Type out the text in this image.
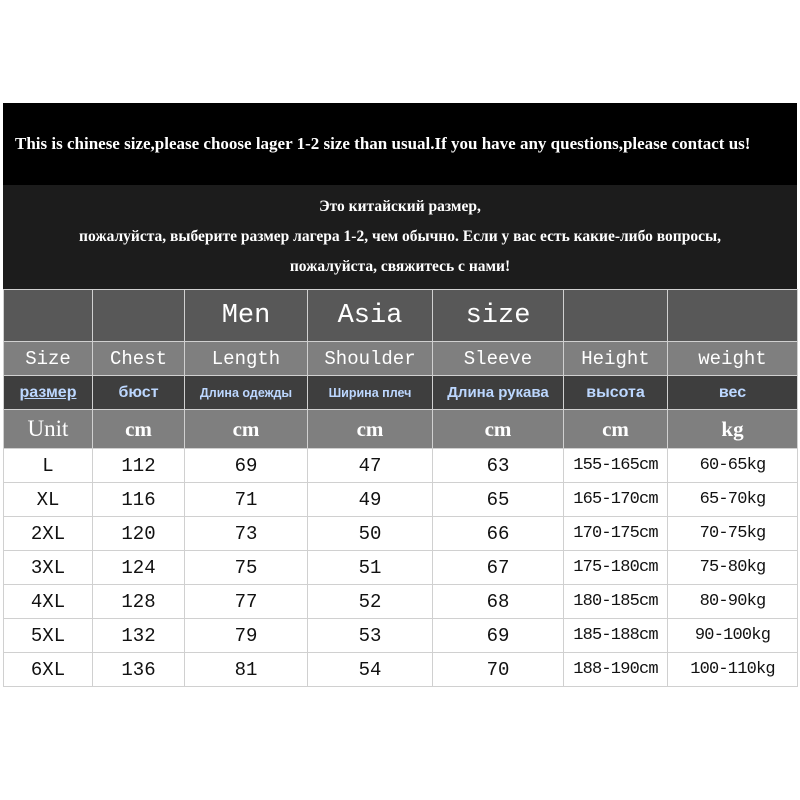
This is chinese size,please choose lager 1-2 size than usual.If you have any questions,please contact us!
Это китайский размер,
пожалуйста, выберите размер лагера 1-2, чем обычно. Если у вас есть какие-либо вопросы,
пожалуйста, свяжитесь с нами!
		Men	Asia	size		
Size	Chest	Length	Shoulder	Sleeve	Height	weight
размер	бюст	Длина одежды	Ширина плеч	Длина рукава	высота	вес
Unit	cm	cm	cm	cm	cm	kg
L	112	69	47	63	155-165cm	60-65kg
XL	116	71	49	65	165-170cm	65-70kg
2XL	120	73	50	66	170-175cm	70-75kg
3XL	124	75	51	67	175-180cm	75-80kg
4XL	128	77	52	68	180-185cm	80-90kg
5XL	132	79	53	69	185-188cm	90-100kg
6XL	136	81	54	70	188-190cm	100-110kg
